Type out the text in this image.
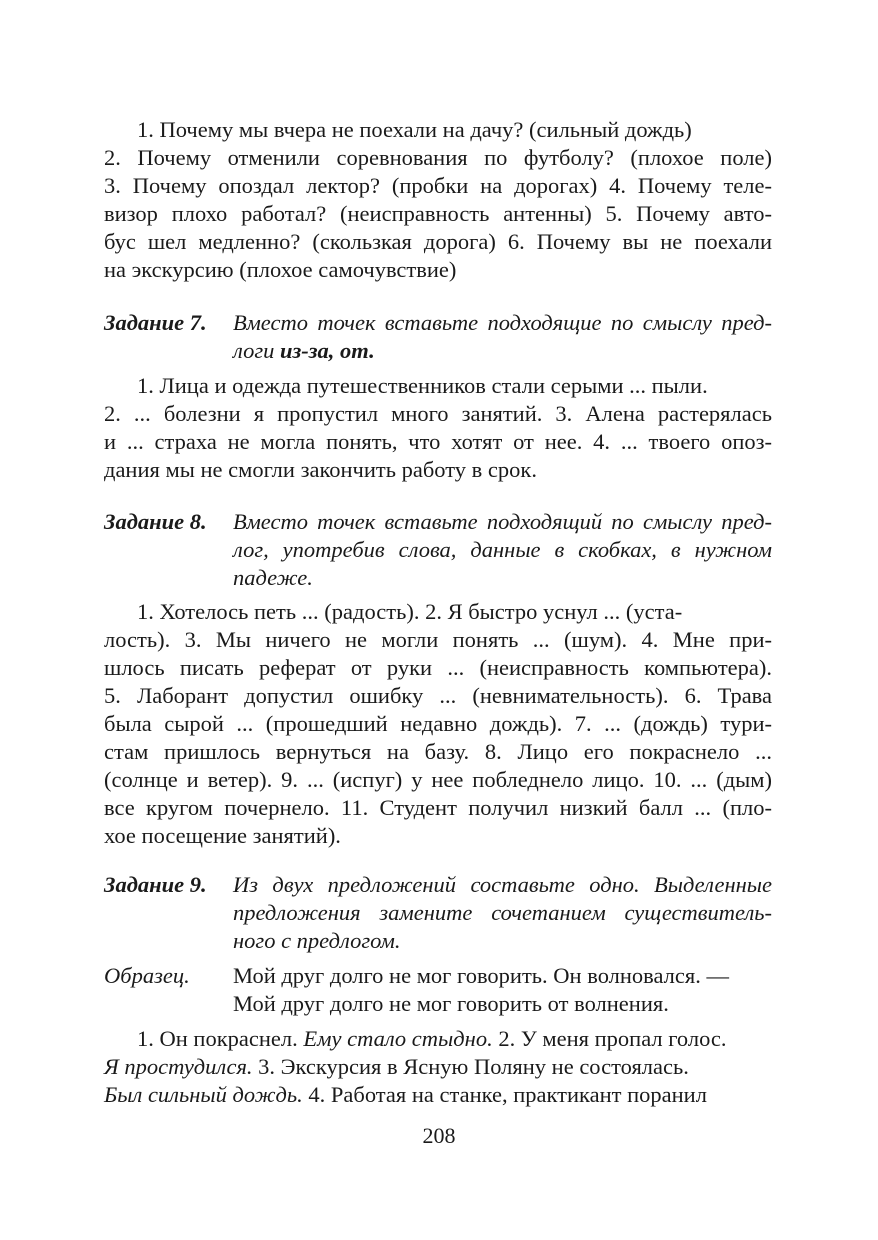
1. Почему мы вчера не поехали на дачу? (сильный дождь)
2. Почему отменили соревнования по футболу? (плохое поле)
3. Почему опоздал лектор? (пробки на дорогах) 4. Почему теле-
визор плохо работал? (неисправность антенны) 5. Почему авто-
бус шел медленно? (скользкая дорога) 6. Почему вы не поехали
на экскурсию (плохое самочувствие)
Задание 7. Вместо точек вставьте подходящие по смыслу пред-
логи из-за, от.
1. Лица и одежда путешественников стали серыми ... пыли.
2. ... болезни я пропустил много занятий. 3. Алена растерялась
и ... страха не могла понять, что хотят от нее. 4. ... твоего опоз-
дания мы не смогли закончить работу в срок.
Задание 8. Вместо точек вставьте подходящий по смыслу пред-
лог, употребив слова, данные в скобках, в нужном
падеже.
1. Хотелось петь ... (радость). 2. Я быстро уснул ... (уста-
лость). 3. Мы ничего не могли понять ... (шум). 4. Мне при-
шлось писать реферат от руки ... (неисправность компьютера).
5. Лаборант допустил ошибку ... (невнимательность). 6. Трава
была сырой ... (прошедший недавно дождь). 7. ... (дождь) тури-
стам пришлось вернуться на базу. 8. Лицо его покраснело ...
(солнце и ветер). 9. ... (испуг) у нее побледнело лицо. 10. ... (дым)
все кругом почернело. 11. Студент получил низкий балл ... (пло-
хое посещение занятий).
Задание 9. Из двух предложений составьте одно. Выделенные
предложения замените сочетанием существитель-
ного с предлогом.
Образец. Мой друг долго не мог говорить. Он волновался. —
Мой друг долго не мог говорить от волнения.
1. Он покраснел. Ему стало стыдно. 2. У меня пропал голос.
Я простудился. 3. Экскурсия в Ясную Поляну не состоялась.
Был сильный дождь. 4. Работая на станке, практикант поранил
208
